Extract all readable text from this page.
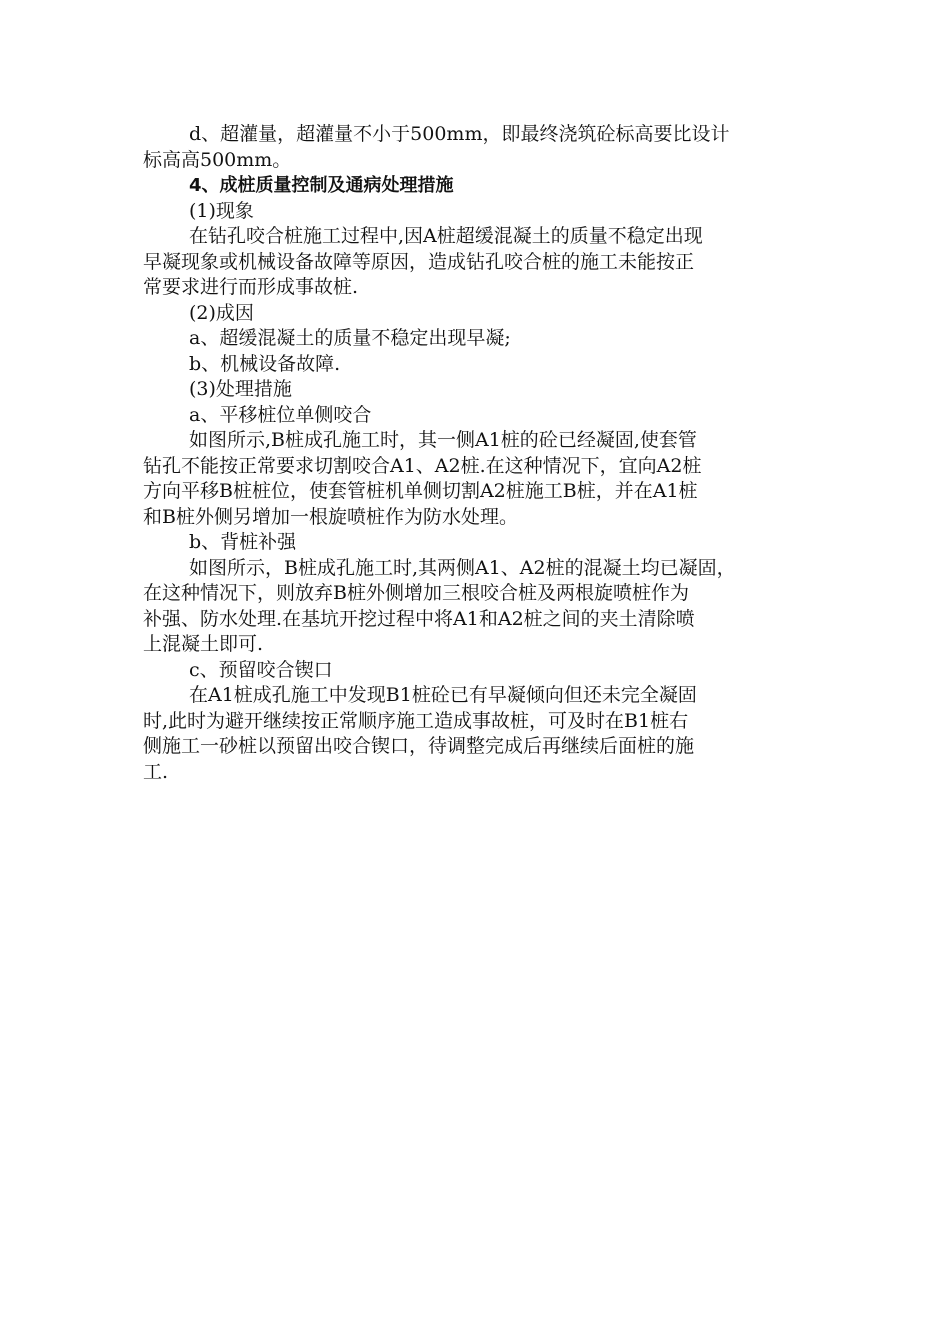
d、超灌量，超灌量不小于500mm，即最终浇筑砼标高要比设计
标高高500mm。
4、成桩质量控制及通病处理措施
(1)现象
在钻孔咬合桩施工过程中,因A桩超缓混凝土的质量不稳定出现
早凝现象或机械设备故障等原因，造成钻孔咬合桩的施工未能按正
常要求进行而形成事故桩.
(2)成因
a、超缓混凝土的质量不稳定出现早凝;
b、机械设备故障.
(3)处理措施
a、平移桩位单侧咬合
如图所示,B桩成孔施工时，其一侧A1桩的砼已经凝固,使套管
钻孔不能按正常要求切割咬合A1、A2桩.在这种情况下，宜向A2桩
方向平移B桩桩位，使套管桩机单侧切割A2桩施工B桩，并在A1桩
和B桩外侧另增加一根旋喷桩作为防水处理。
b、背桩补强
如图所示，B桩成孔施工时,其两侧A1、A2桩的混凝土均已凝固，
在这种情况下，则放弃B桩外侧增加三根咬合桩及两根旋喷桩作为
补强、防水处理.在基坑开挖过程中将A1和A2桩之间的夹土清除喷
上混凝土即可.
c、预留咬合锲口
在A1桩成孔施工中发现B1桩砼已有早凝倾向但还未完全凝固
时,此时为避开继续按正常顺序施工造成事故桩，可及时在B1桩右
侧施工一砂桩以预留出咬合锲口，待调整完成后再继续后面桩的施
工.
